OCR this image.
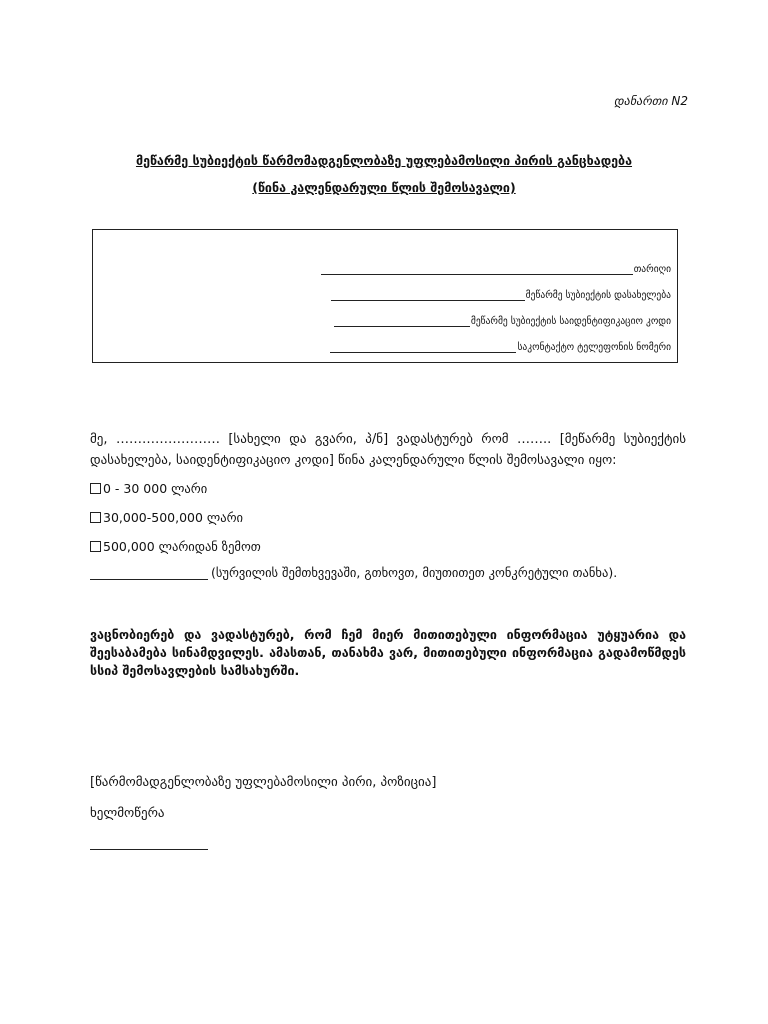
დანართი N2
მეწარმე სუბიექტის წარმომადგენლობაზე უფლებამოსილი პირის განცხადება
(წინა კალენდარული წლის შემოსავალი)
თარიღი
მეწარმე სუბიექტის დასახელება
მეწარმე სუბიექტის საიდენტიფიკაციო კოდი
საკონტაქტო ტელეფონის ნომერი
მე, …………………… [სახელი და გვარი, პ/ნ] ვადასტურებ რომ …….. [მეწარმე სუბიექტის დასახელება, საიდენტიფიკაციო კოდი] წინა კალენდარული წლის შემოსავალი იყო:
0 - 30 000 ლარი
30,000-500,000 ლარი
500,000 ლარიდან ზემოთ
(სურვილის შემთხვევაში, გთხოვთ, მიუთითეთ კონკრეტული თანხა).
ვაცნობიერებ და ვადასტურებ, რომ ჩემ მიერ მითითებული ინფორმაცია უტყუარია და შეესაბამება სინამდვილეს. ამასთან, თანახმა ვარ, მითითებული ინფორმაცია გადამოწმდეს სსიპ შემოსავლების სამსახურში.
[წარმომადგენლობაზე უფლებამოსილი პირი, პოზიცია]
ხელმოწერა
